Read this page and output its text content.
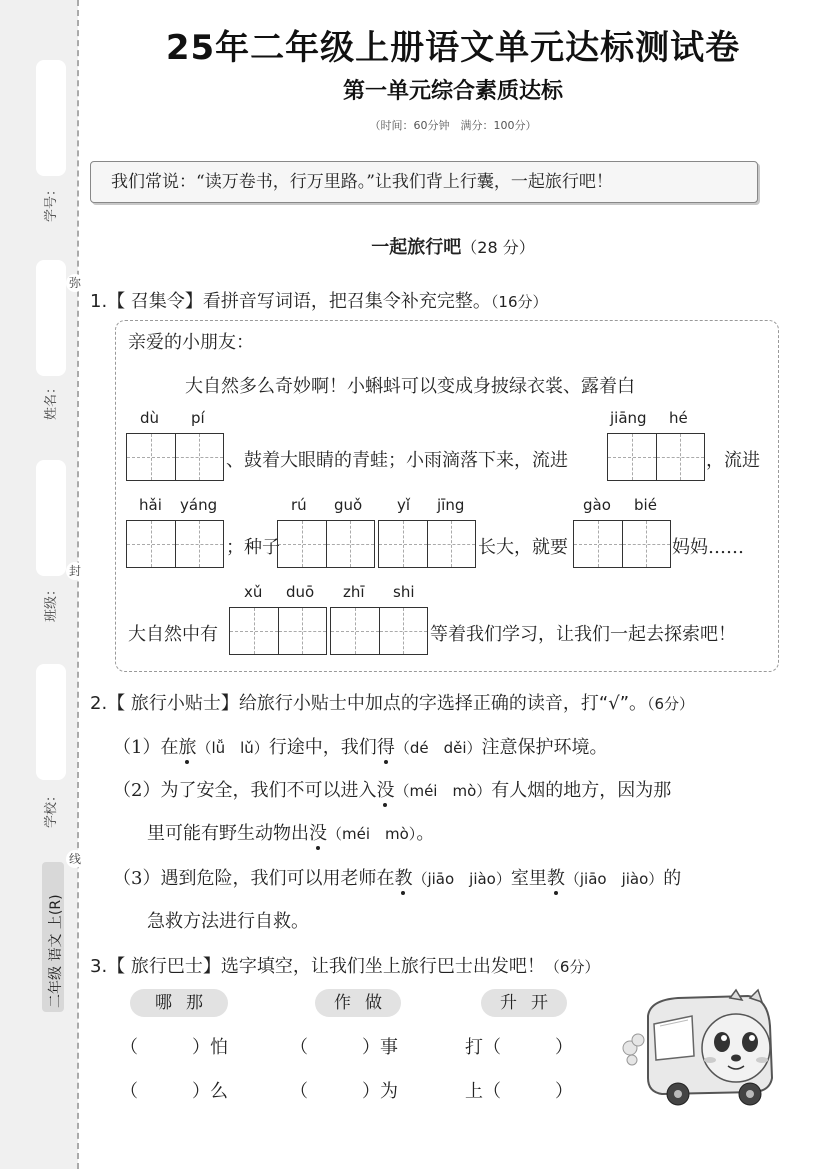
学号：
姓名：
班级：
学校：
弥
封
线
二年级 语文 上(R)
25年二年级上册语文单元达标测试卷
第一单元综合素质达标
（时间：60分钟　满分：100分）
我们常说：“读万卷书，行万里路。”让我们背上行囊，一起旅行吧！
一起旅行吧（28 分）
1.【 召集令】看拼音写词语，把召集令补充完整。（16分）
亲爱的小朋友：
大自然多么奇妙啊！小蝌蚪可以变成身披绿衣裳、露着白
dù pí	jiāng hé
、鼓着大眼睛的青蛙；小雨滴落下来，流进	，流进
hǎi yáng	rú guǒ yǐ jīng	gào bié
；种子	长大，就要	妈妈……
xǔ duō zhī shi
大自然中有	等着我们学习，让我们一起去探索吧！
2.【 旅行小贴士】给旅行小贴士中加点的字选择正确的读音，打“√”。（6分）
（1）在旅（lǚ　lǔ）行途中，我们得（dé　děi）注意保护环境。
（2）为了安全，我们不可以进入没（méi　mò）有人烟的地方，因为那
里可能有野生动物出没（méi　mò）。
（3）遇到危险，我们可以用老师在教（jiāo　jiào）室里教（jiāo　jiào）的
急救方法进行自救。
3.【 旅行巴士】选字填空，让我们坐上旅行巴士出发吧！（6分）
哪那	作做	升开
（　　　）怕	（　　　）事	打（　　　）
（　　　）么	（　　　）为	上（　　　）
